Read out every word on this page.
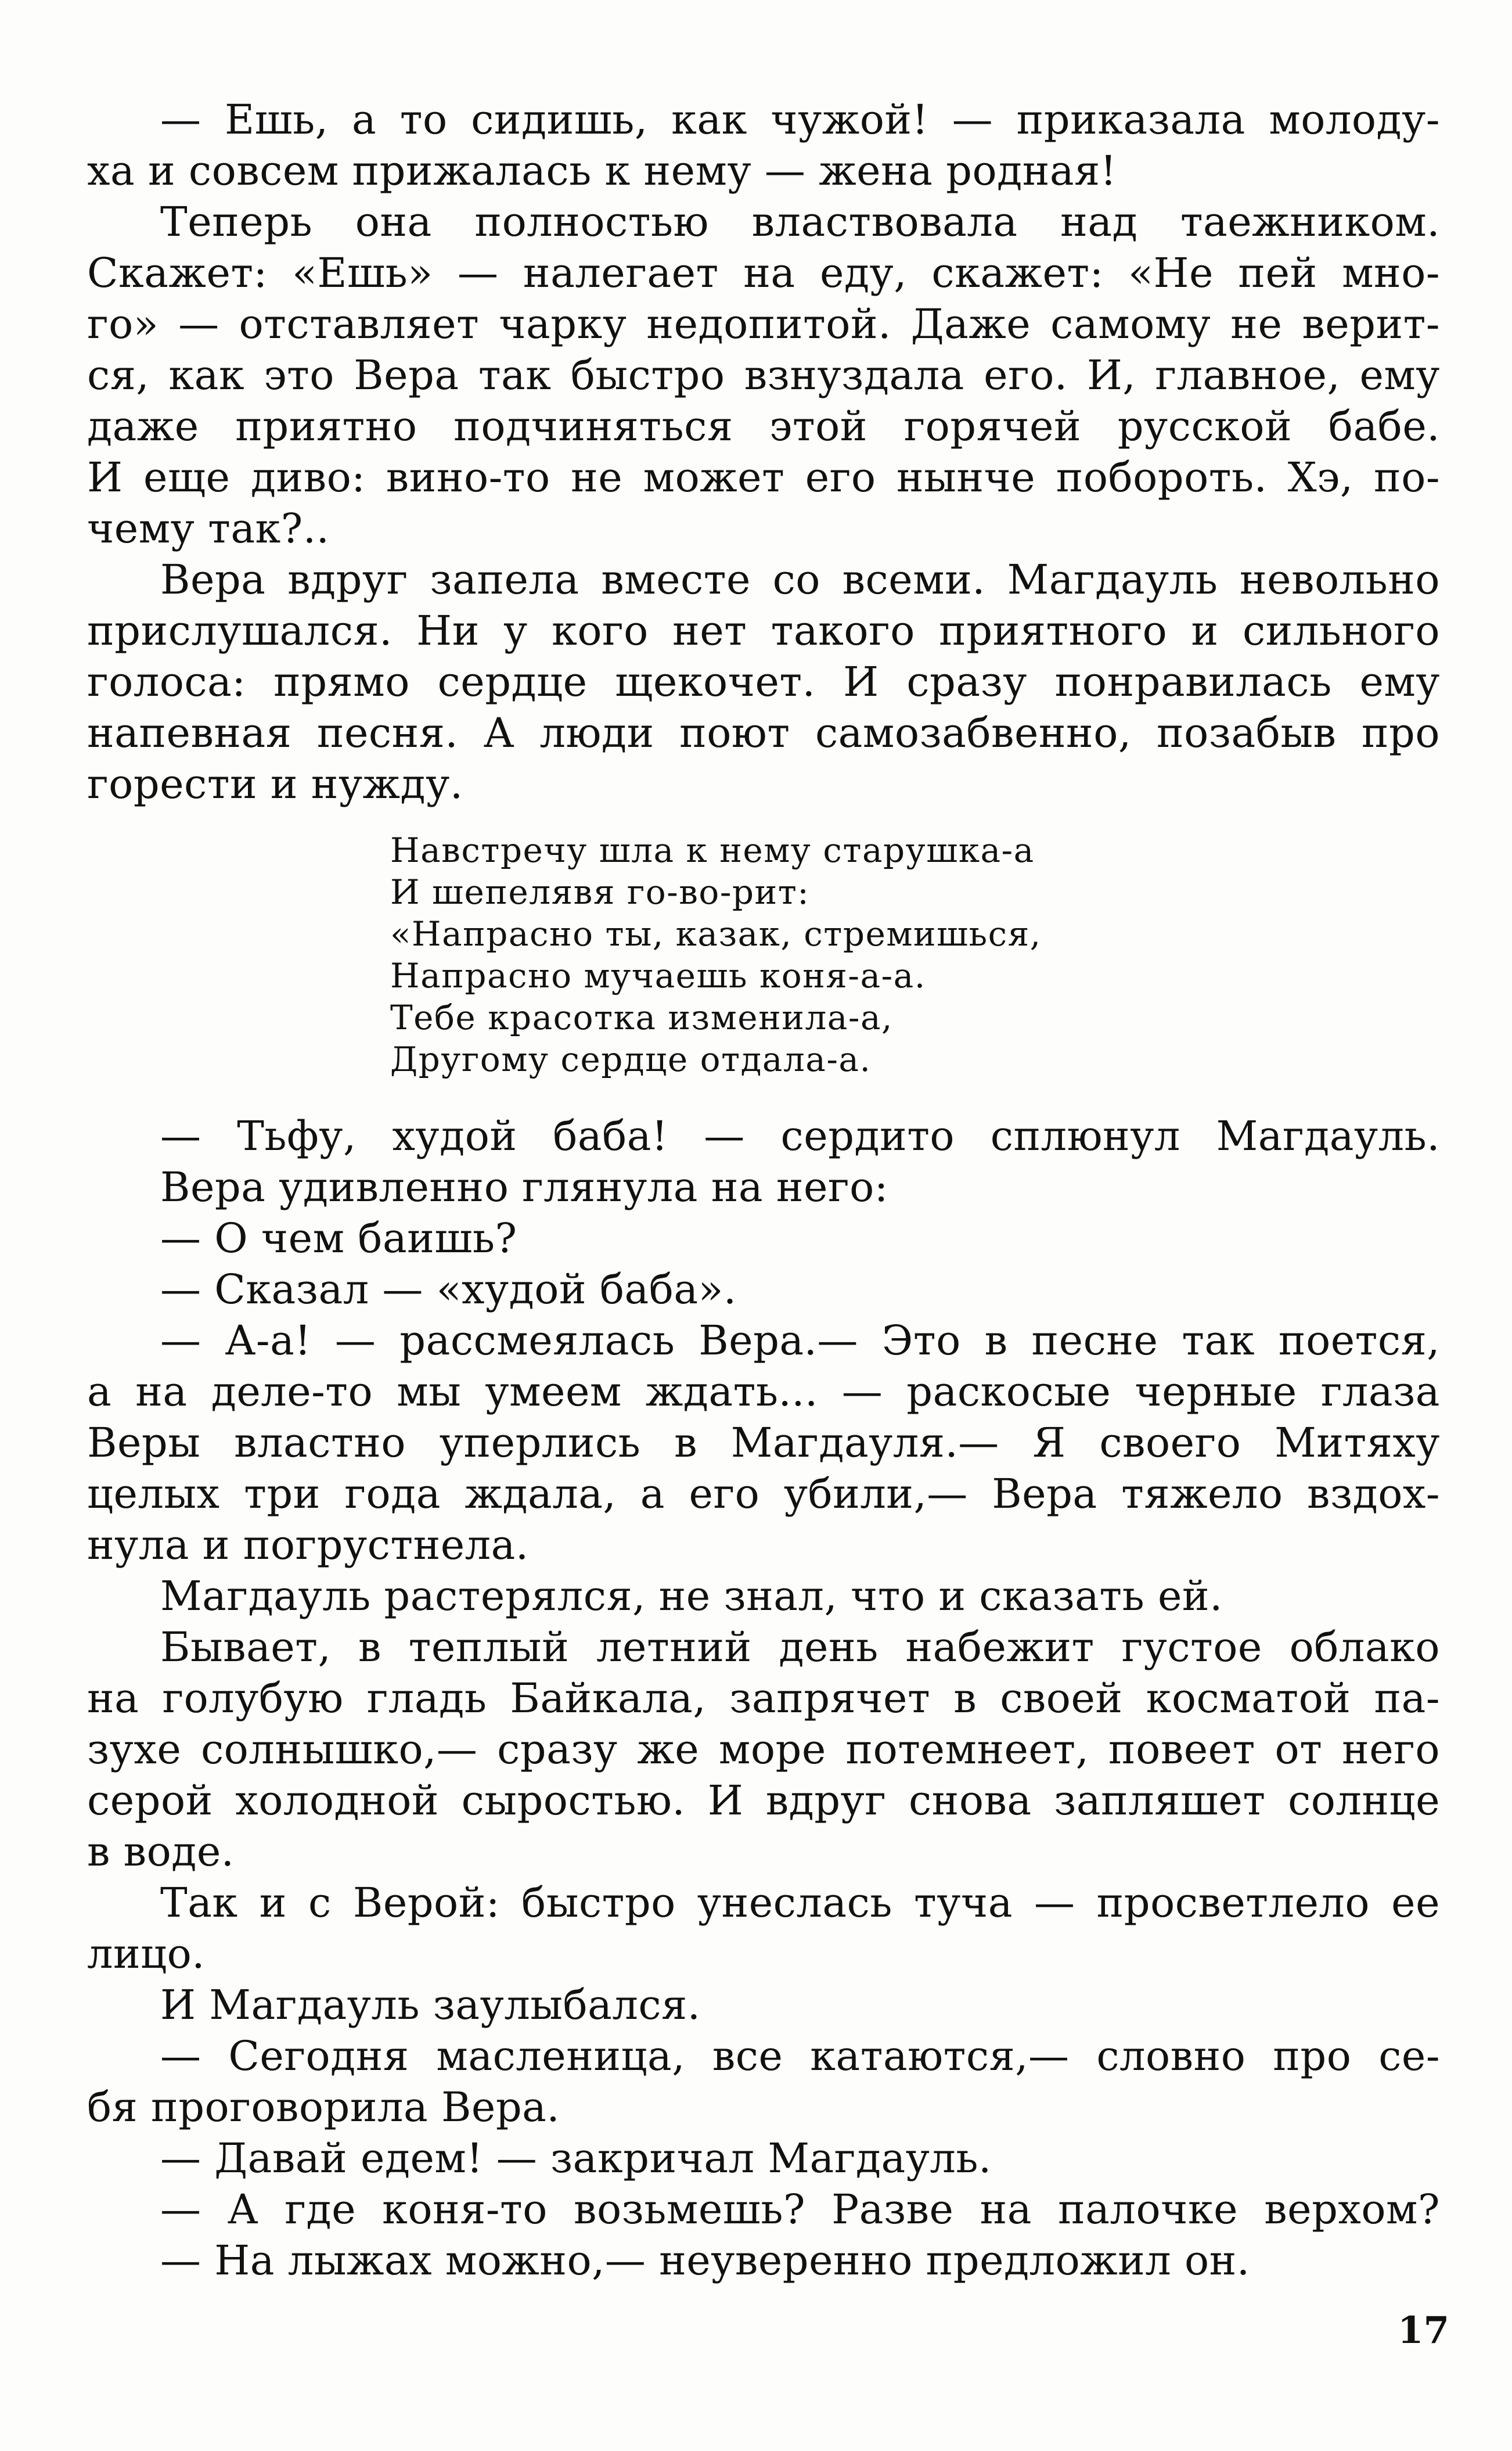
— Ешь, а то сидишь, как чужой! — приказала молоду-
ха и совсем прижалась к нему — жена родная!
Теперь она полностью властвовала над таежником.
Скажет: «Ешь» — налегает на еду, скажет: «Не пей мно-
го» — отставляет чарку недопитой. Даже самому не верит-
ся, как это Вера так быстро взнуздала его. И, главное, ему
даже приятно подчиняться этой горячей русской бабе.
И еще диво: вино-то не может его нынче побороть. Хэ, по-
чему так?..
Вера вдруг запела вместе со всеми. Магдауль невольно
прислушался. Ни у кого нет такого приятного и сильного
голоса: прямо сердце щекочет. И сразу понравилась ему
напевная песня. А люди поют самозабвенно, позабыв про
горести и нужду.
Навстречу шла к нему старушка-а
И шепелявя го-во-рит:
«Напрасно ты, казак, стремишься,
Напрасно мучаешь коня-а-а.
Тебе красотка изменила-а,
Другому сердце отдала-а.
— Тьфу, худой баба! — сердито сплюнул Магдауль.
Вера удивленно глянула на него:
— О чем баишь?
— Сказал — «худой баба».
— А-а! — рассмеялась Вера.— Это в песне так поется,
а на деле-то мы умеем ждать... — раскосые черные глаза
Веры властно уперлись в Магдауля.— Я своего Митяху
целых три года ждала, а его убили,— Вера тяжело вздох-
нула и погрустнела.
Магдауль растерялся, не знал, что и сказать ей.
Бывает, в теплый летний день набежит густое облако
на голубую гладь Байкала, запрячет в своей косматой па-
зухе солнышко,— сразу же море потемнеет, повеет от него
серой холодной сыростью. И вдруг снова запляшет солнце
в воде.
Так и с Верой: быстро унеслась туча — просветлело ее
лицо.
И Магдауль заулыбался.
— Сегодня масленица, все катаются,— словно про се-
бя проговорила Вера.
— Давай едем! — закричал Магдауль.
— А где коня-то возьмешь? Разве на палочке верхом?
— На лыжах можно,— неуверенно предложил он.
17
